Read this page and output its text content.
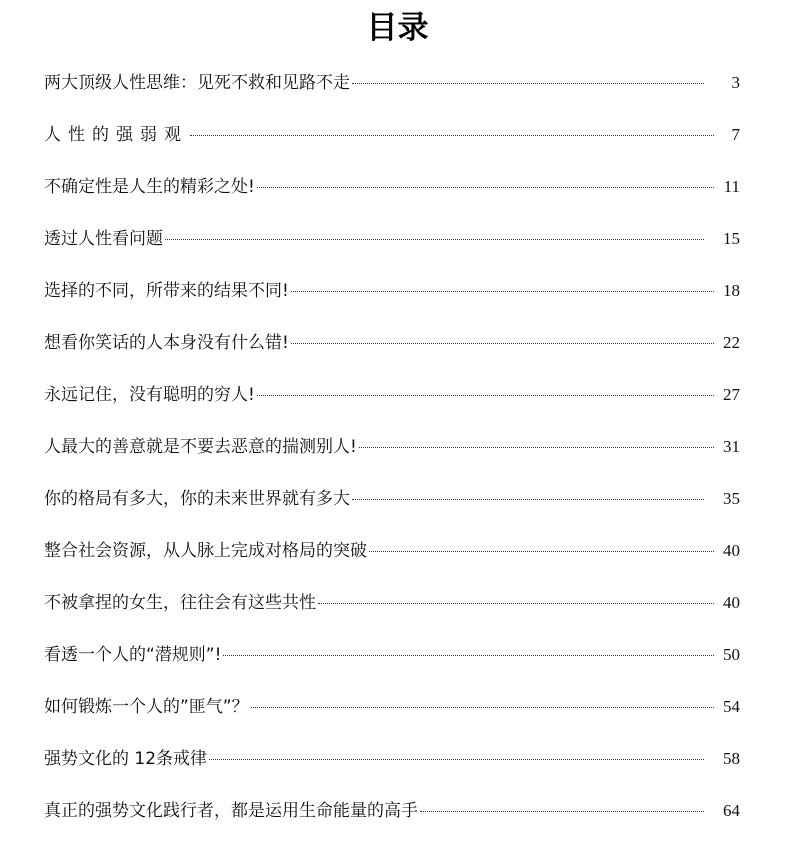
目录
两大顶级人性思维：见死不救和见路不走	3
人性的强弱观	7
不确定性是人生的精彩之处!	11
透过人性看问题	15
选择的不同，所带来的结果不同!	18
想看你笑话的人本身没有什么错!	22
永远记住，没有聪明的穷人!	27
人最大的善意就是不要去恶意的揣测别人!	31
你的格局有多大，你的未来世界就有多大	35
整合社会资源，从人脉上完成对格局的突破	40
不被拿捏的女生，往往会有这些共性	40
看透一个人的“潜规则”!	50
如何锻炼一个人的”匪气”？	54
强势文化的 12条戒律	58
真正的强势文化践行者，都是运用生命能量的高手	64
